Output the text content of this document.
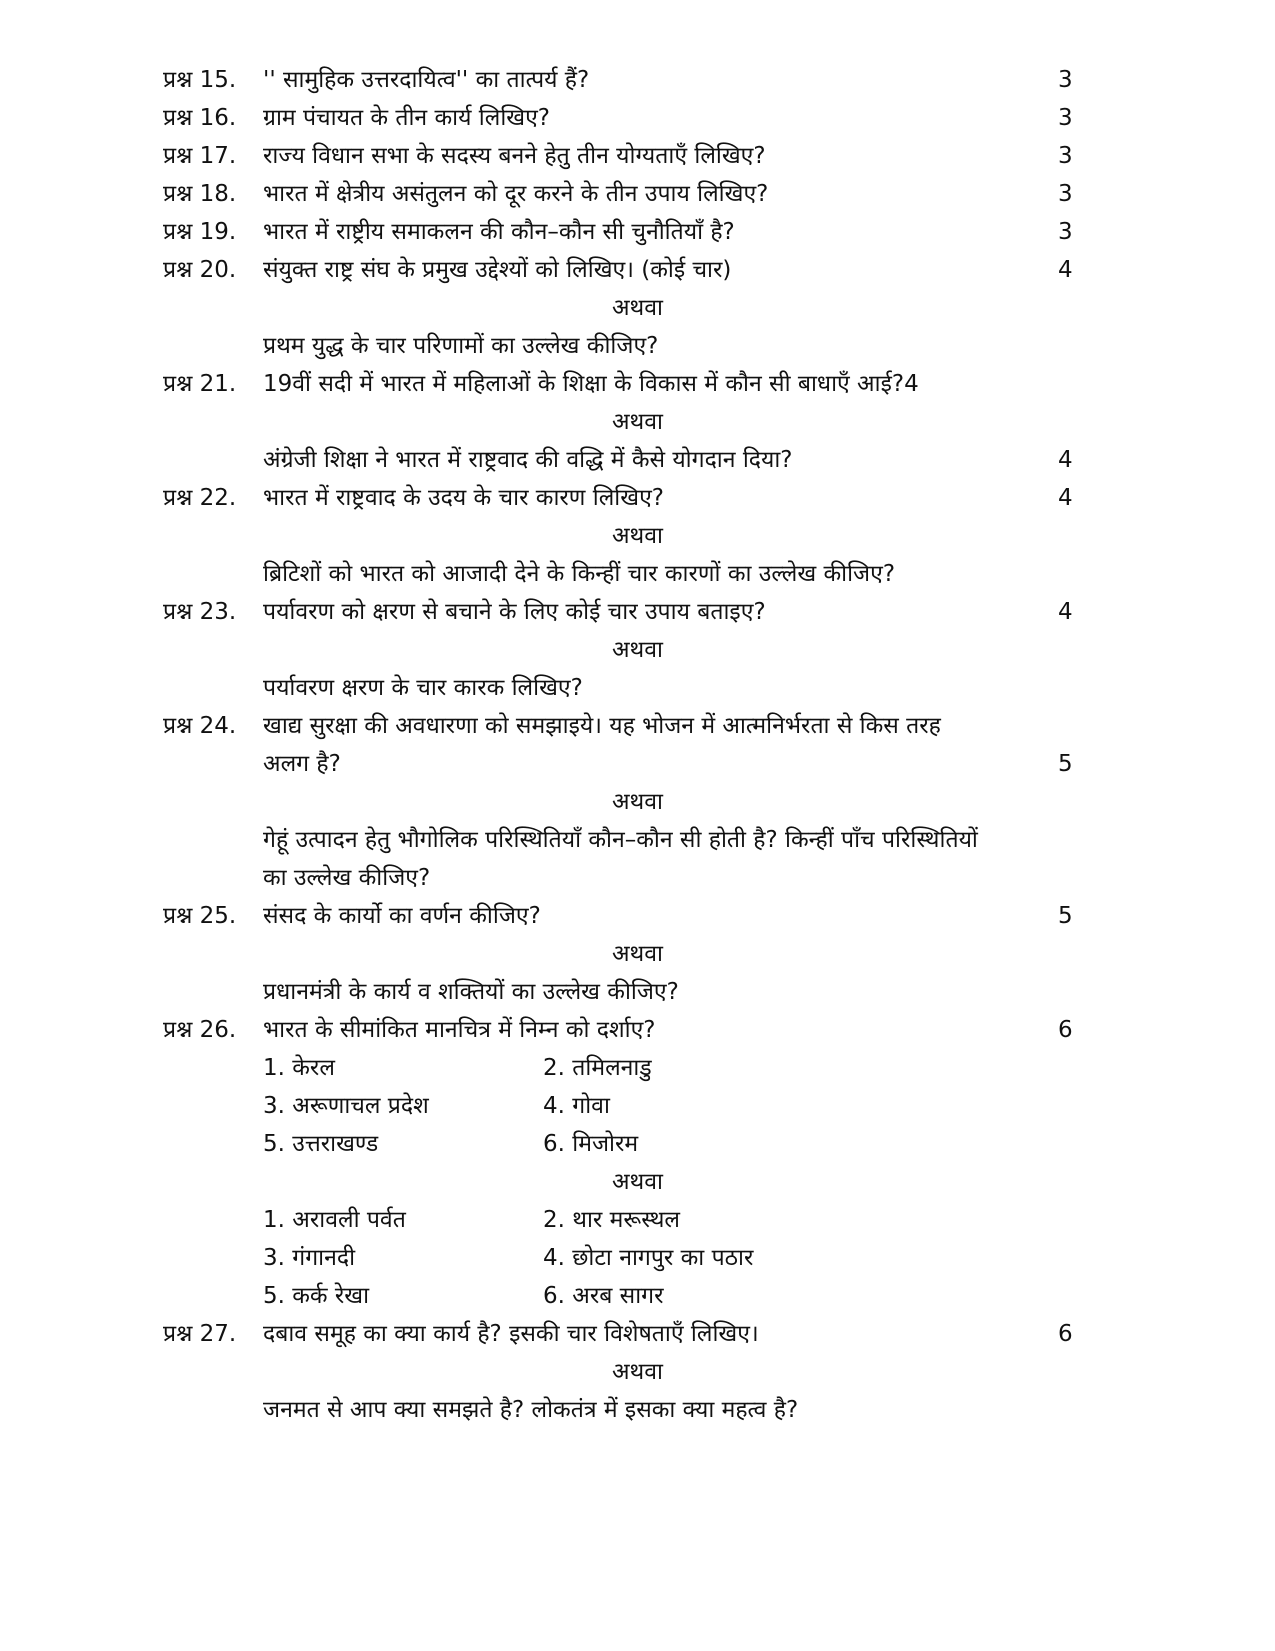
प्रश्न 15. '' सामुहिक उत्तरदायित्व'' का तात्पर्य हैं?	3
प्रश्न 16. ग्राम पंचायत के तीन कार्य लिखिए?	3
प्रश्न 17. राज्य विधान सभा के सदस्य बनने हेतु तीन योग्यताएँ लिखिए?	3
प्रश्न 18. भारत में क्षेत्रीय असंतुलन को दूर करने के तीन उपाय लिखिए?	3
प्रश्न 19. भारत में राष्ट्रीय समाकलन की कौन–कौन सी चुनौतियाँ है?	3
प्रश्न 20. संयुक्त राष्ट्र संघ के प्रमुख उद्देश्यों को लिखिए। (कोई चार)	4
अथवा
प्रथम युद्ध के चार परिणामों का उल्लेख कीजिए?
प्रश्न 21. 19वीं सदी में भारत में महिलाओं के शिक्षा के विकास में कौन सी बाधाएँ आई?4
अथवा
अंग्रेजी शिक्षा ने भारत में राष्ट्रवाद की वद्धि में कैसे योगदान दिया?	4
प्रश्न 22. भारत में राष्ट्रवाद के उदय के चार कारण लिखिए?	4
अथवा
ब्रिटिशों को भारत को आजादी देने के किन्हीं चार कारणों का उल्लेख कीजिए?
प्रश्न 23. पर्यावरण को क्षरण से बचाने के लिए कोई चार उपाय बताइए?	4
अथवा
पर्यावरण क्षरण के चार कारक लिखिए?
प्रश्न 24. खाद्य सुरक्षा की अवधारणा को समझाइये। यह भोजन में आत्मनिर्भरता से किस तरह
अलग है?	5
अथवा
गेहूं उत्पादन हेतु भौगोलिक परिस्थितियाँ कौन–कौन सी होती है? किन्हीं पाँच परिस्थितियों
का उल्लेख कीजिए?
प्रश्न 25. संसद के कार्यो का वर्णन कीजिए?	5
अथवा
प्रधानमंत्री के कार्य व शक्तियों का उल्लेख कीजिए?
प्रश्न 26. भारत के सीमांकित मानचित्र में निम्न को दर्शाए?	6
1. केरल	2. तमिलनाडु
3. अरूणाचल प्रदेश	4. गोवा
5. उत्तराखण्ड	6. मिजोरम
अथवा
1. अरावली पर्वत	2. थार मरूस्थल
3. गंगानदी	4. छोटा नागपुर का पठार
5. कर्क रेखा	6. अरब सागर
प्रश्न 27. दबाव समूह का क्या कार्य है? इसकी चार विशेषताएँ लिखिए।	6
अथवा
जनमत से आप क्या समझते है? लोकतंत्र में इसका क्या महत्व है?
